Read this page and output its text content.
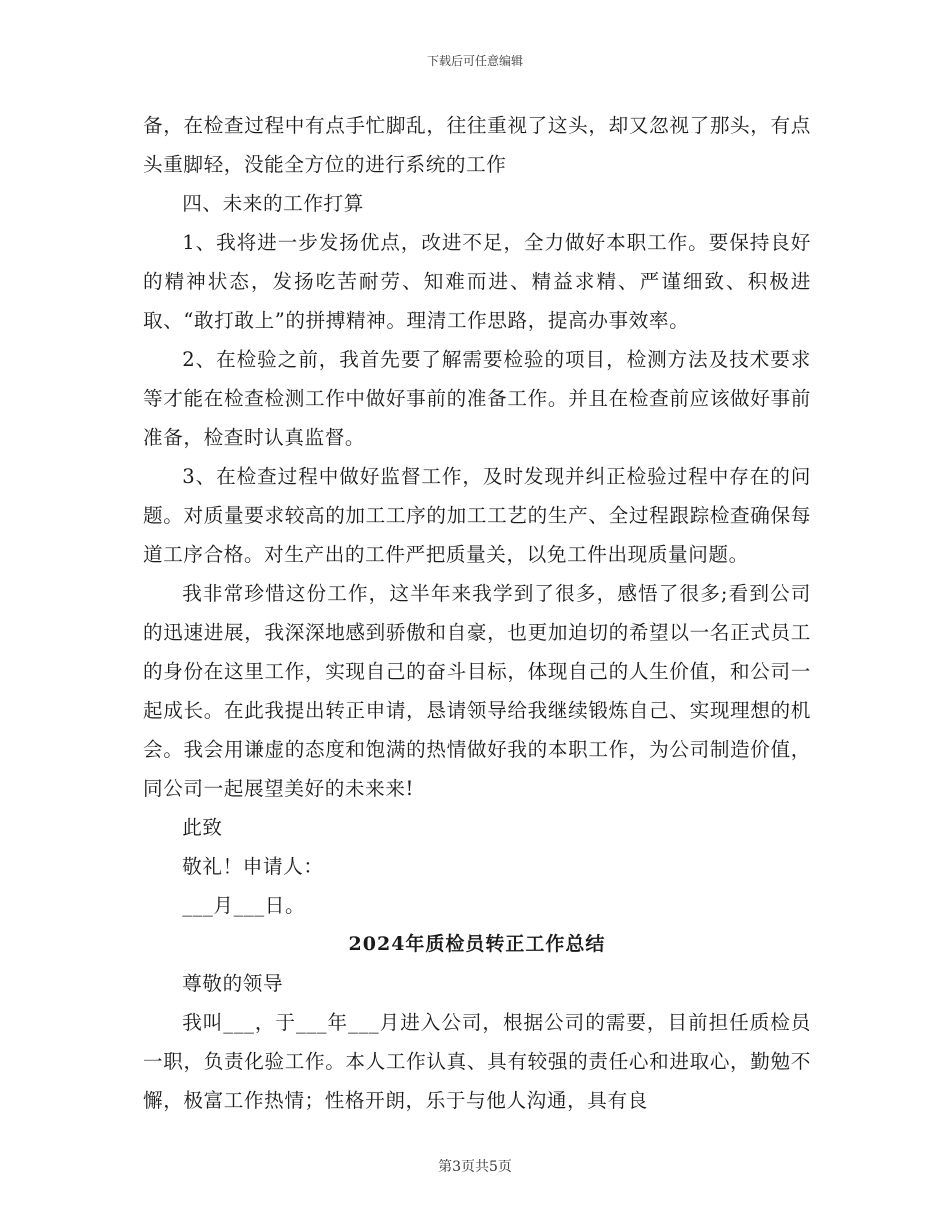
下载后可任意编辑

备，在检查过程中有点手忙脚乱，往往重视了这头，却又忽视了那头，有点头重脚轻，没能全方位的进行系统的工作

四、未来的工作打算

1、我将进一步发扬优点，改进不足，全力做好本职工作。要保持良好的精神状态，发扬吃苦耐劳、知难而进、精益求精、严谨细致、积极进取、“敢打敢上”的拼搏精神。理清工作思路，提高办事效率。

2、在检验之前，我首先要了解需要检验的项目，检测方法及技术要求等才能在检查检测工作中做好事前的准备工作。并且在检查前应该做好事前准备，检查时认真监督。

3、在检查过程中做好监督工作，及时发现并纠正检验过程中存在的问题。对质量要求较高的加工工序的加工工艺的生产、全过程跟踪检查确保每道工序合格。对生产出的工件严把质量关，以免工件出现质量问题。

我非常珍惜这份工作，这半年来我学到了很多，感悟了很多;看到公司的迅速进展，我深深地感到骄傲和自豪，也更加迫切的希望以一名正式员工的身份在这里工作，实现自己的奋斗目标，体现自己的人生价值，和公司一起成长。在此我提出转正申请，恳请领导给我继续锻炼自己、实现理想的机会。我会用谦虚的态度和饱满的热情做好我的本职工作，为公司制造价值，同公司一起展望美好的未来来!

此致

敬礼！申请人：

___月___日。

2024年质检员转正工作总结

尊敬的领导

我叫___，于___年___月进入公司，根据公司的需要，目前担任质检员一职，负责化验工作。本人工作认真、具有较强的责任心和进取心，勤勉不懈，极富工作热情；性格开朗，乐于与他人沟通，具有良

第3页共5页
